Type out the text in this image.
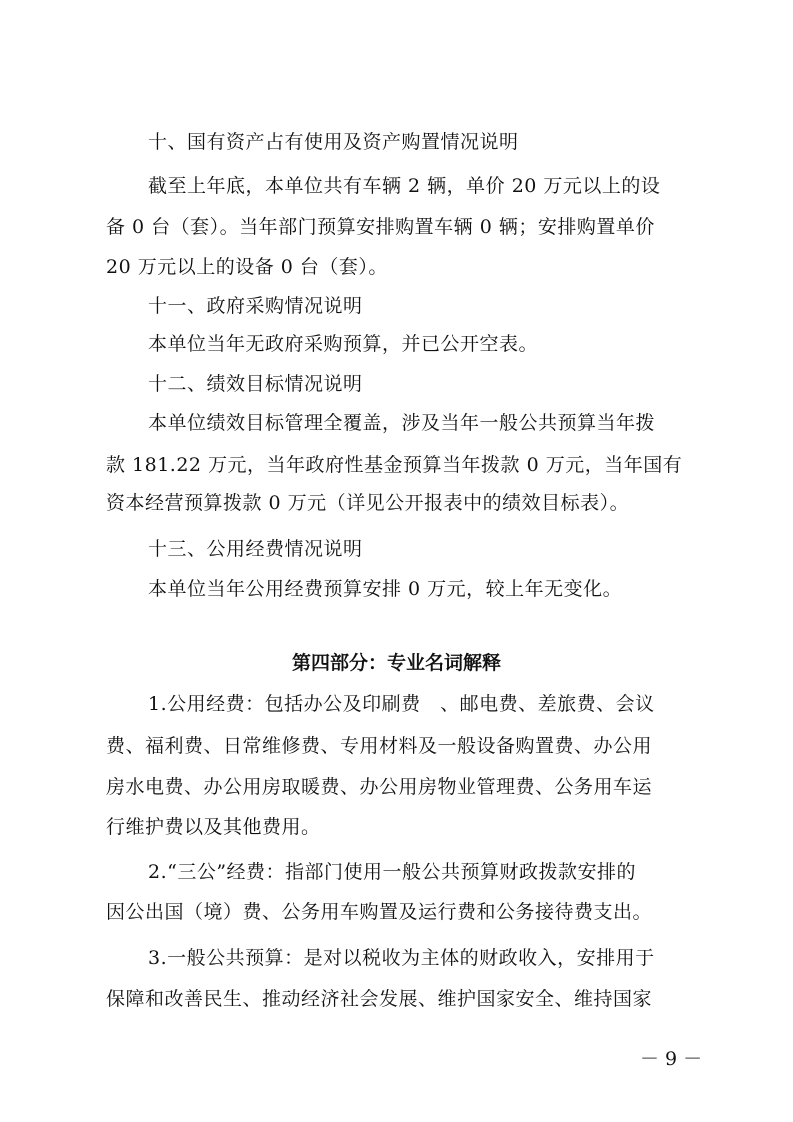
十、国有资产占有使用及资产购置情况说明
截至上年底，本单位共有车辆 2 辆，单价 20 万元以上的设
备 0 台（套）。当年部门预算安排购置车辆 0 辆；安排购置单价
20 万元以上的设备 0 台（套）。
十一、政府采购情况说明
本单位当年无政府采购预算，并已公开空表。
十二、绩效目标情况说明
本单位绩效目标管理全覆盖，涉及当年一般公共预算当年拨
款 181.22 万元，当年政府性基金预算当年拨款 0 万元，当年国有
资本经营预算拨款 0 万元（详见公开报表中的绩效目标表）。
十三、公用经费情况说明
本单位当年公用经费预算安排 0 万元，较上年无变化。
第四部分：专业名词解释
1.公用经费：包括办公及印刷费　、邮电费、差旅费、会议
费、福利费、日常维修费、专用材料及一般设备购置费、办公用
房水电费、办公用房取暖费、办公用房物业管理费、公务用车运
行维护费以及其他费用。
2.“三公”经费：指部门使用一般公共预算财政拨款安排的
因公出国（境）费、公务用车购置及运行费和公务接待费支出。
3.一般公共预算：是对以税收为主体的财政收入，安排用于
保障和改善民生、推动经济社会发展、维护国家安全、维持国家
－ 9 －
